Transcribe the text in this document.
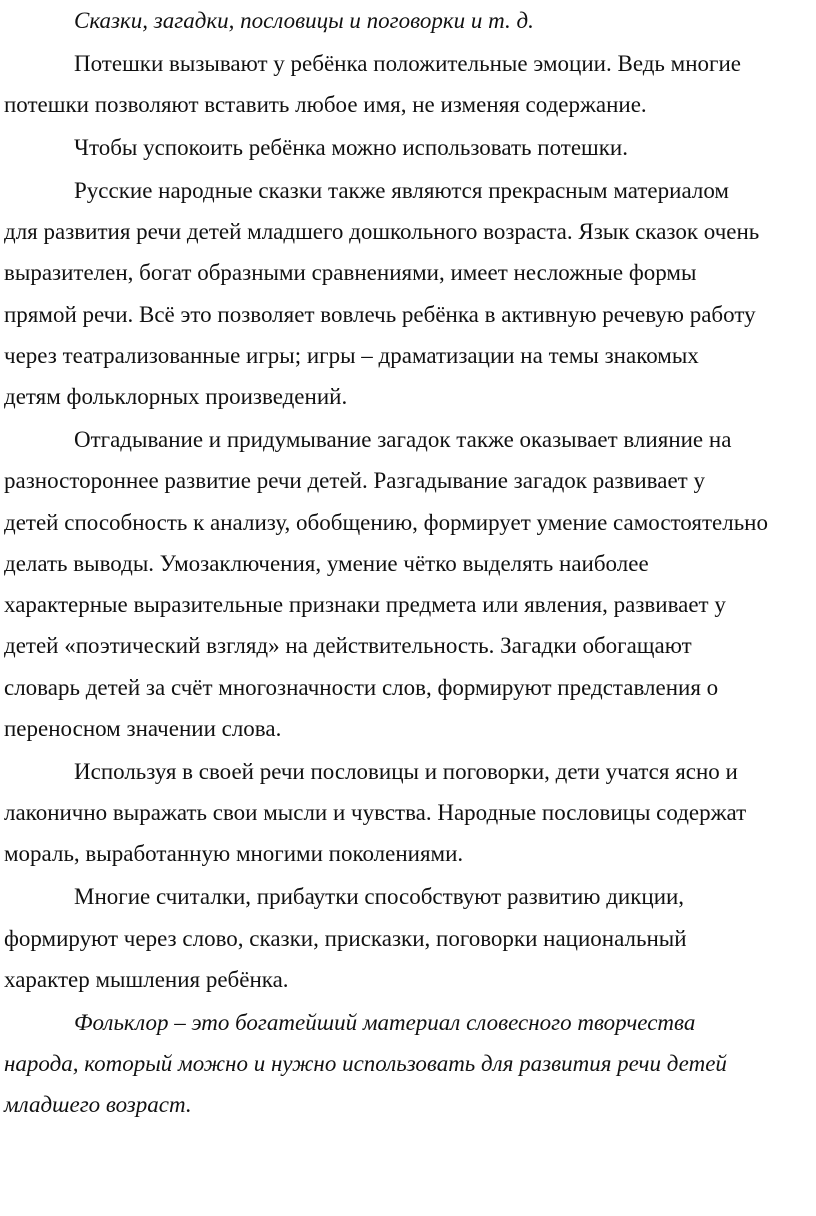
Сказки, загадки, пословицы и поговорки и т. д.
Потешки вызывают у ребёнка положительные эмоции. Ведь многие
потешки позволяют вставить любое имя, не изменяя содержание.
Чтобы успокоить ребёнка можно использовать потешки.
Русские народные сказки также являются прекрасным материалом
для развития речи детей младшего дошкольного возраста. Язык сказок очень
выразителен, богат образными сравнениями, имеет несложные формы
прямой речи. Всё это позволяет вовлечь ребёнка в активную речевую работу
через театрализованные игры; игры – драматизации на темы знакомых
детям фольклорных произведений.
Отгадывание и придумывание загадок также оказывает влияние на
разностороннее развитие речи детей. Разгадывание загадок развивает у
детей способность к анализу, обобщению, формирует умение самостоятельно
делать выводы. Умозаключения, умение чётко выделять наиболее
характерные выразительные признаки предмета или явления, развивает у
детей «поэтический взгляд» на действительность. Загадки обогащают
словарь детей за счёт многозначности слов, формируют представления о
переносном значении слова.
Используя в своей речи пословицы и поговорки, дети учатся ясно и
лаконично выражать свои мысли и чувства. Народные пословицы содержат
мораль, выработанную многими поколениями.
Многие считалки, прибаутки способствуют развитию дикции,
формируют через слово, сказки, присказки, поговорки национальный
характер мышления ребёнка.
Фольклор – это богатейший материал словесного творчества
народа, который можно и нужно использовать для развития речи детей
младшего возраст.
